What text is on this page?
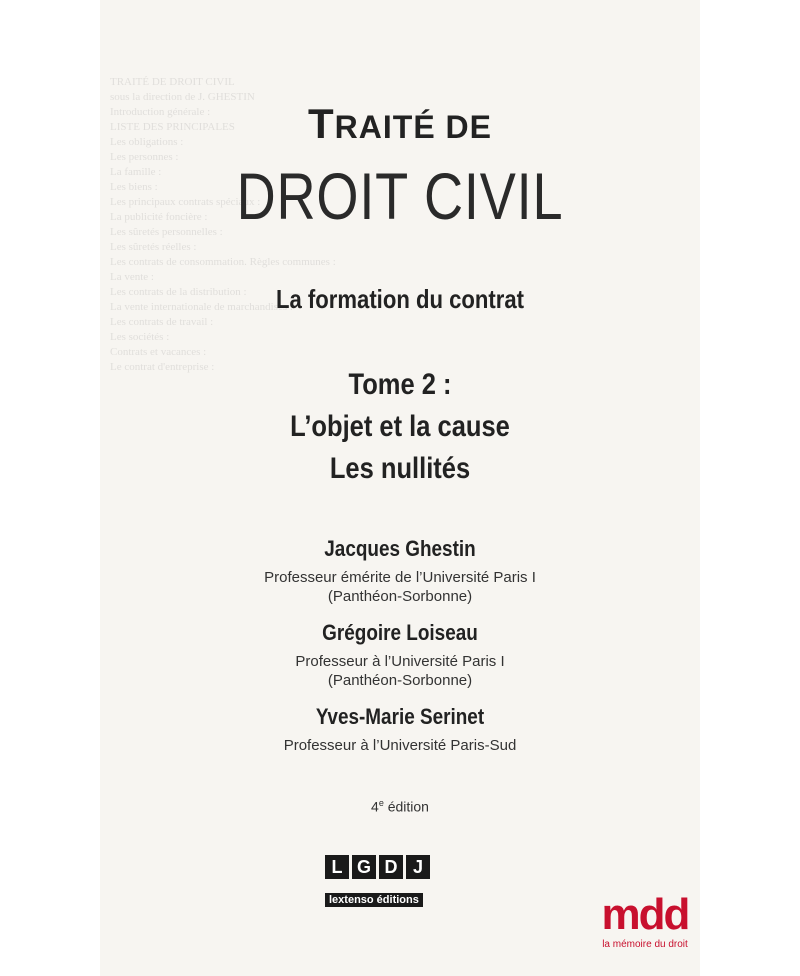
TRAITÉ DE
DROIT CIVIL
La formation du contrat
Tome 2 :
L’objet et la cause
Les nullités
Jacques Ghestin
Professeur émérite de l’Université Paris I
(Panthéon-Sorbonne)
Grégoire Loiseau
Professeur à l’Université Paris I
(Panthéon-Sorbonne)
Yves-Marie Serinet
Professeur à l’Université Paris-Sud
4e édition
L G D J
lextenso éditions	mdd
la mémoire du droit
